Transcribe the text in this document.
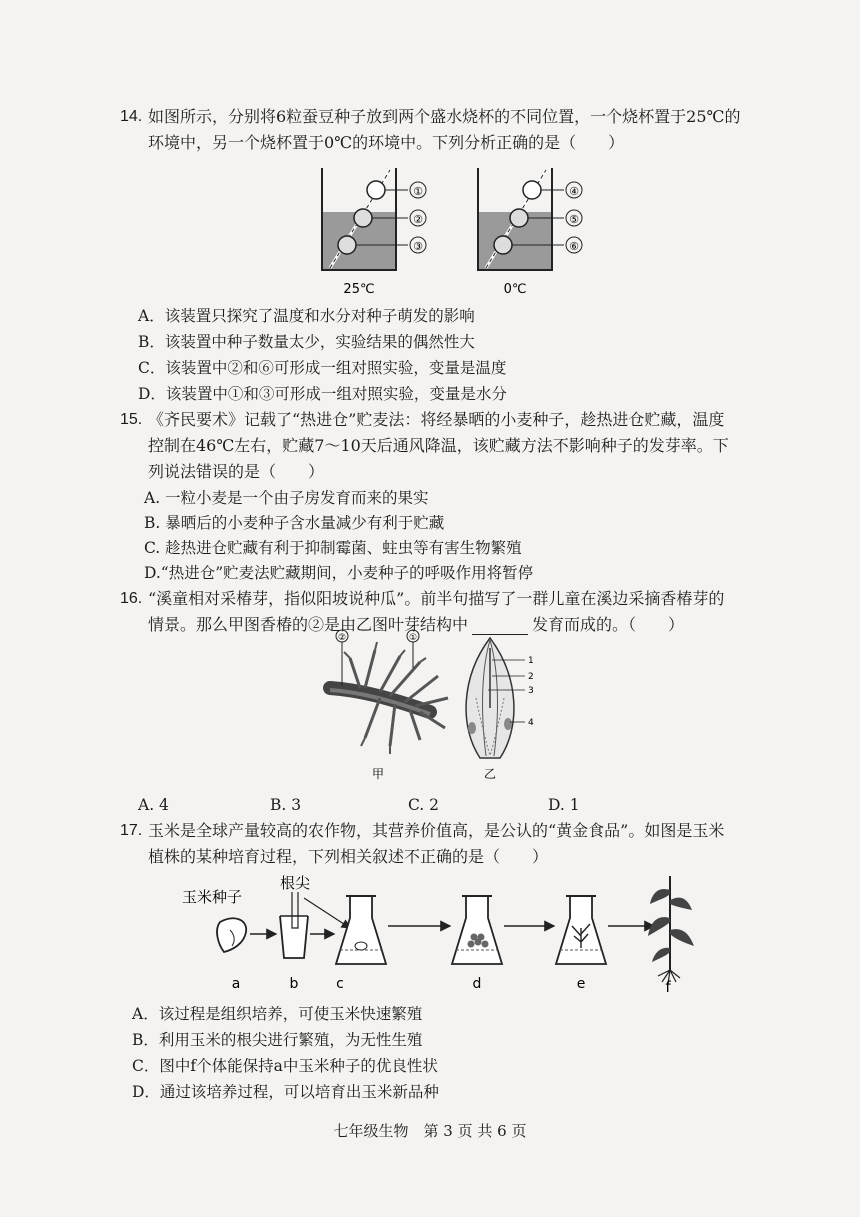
14. 如图所示，分别将6粒蚕豆种子放到两个盛水烧杯的不同位置，一个烧杯置于25℃的
环境中，另一个烧杯置于0℃的环境中。下列分析正确的是（　　）
①
②
③
④
⑤
⑥
25℃	0℃
A．该装置只探究了温度和水分对种子萌发的影响
B．该装置中种子数量太少，实验结果的偶然性大
C．该装置中②和⑥可形成一组对照实验，变量是温度
D．该装置中①和③可形成一组对照实验，变量是水分
15. 《齐民要术》记载了“热进仓”贮麦法：将经暴晒的小麦种子，趁热进仓贮藏，温度
控制在46℃左右，贮藏7～10天后通风降温，该贮藏方法不影响种子的发芽率。下
列说法错误的是（　　）
A. 一粒小麦是一个由子房发育而来的果实
B. 暴晒后的小麦种子含水量减少有利于贮藏
C. 趁热进仓贮藏有利于抑制霉菌、蛀虫等有害生物繁殖
D.“热进仓”贮麦法贮藏期间，小麦种子的呼吸作用将暂停
16. “溪童相对采椿芽，指似阳坡说种瓜”。前半句描写了一群儿童在溪边采摘香椿芽的
情景。那么甲图香椿的②是由乙图叶芽结构中	发育而成的。（　　）
②	①
1
2
3
4
甲	乙
A. 4	B. 3	C. 2	D. 1
17. 玉米是全球产量较高的农作物，其营养价值高，是公认的“黄金食品”。如图是玉米
植株的某种培育过程，下列相关叙述不正确的是（　　）
玉米种子
根尖
a	b	c	d	e	f
A．该过程是组织培养，可使玉米快速繁殖
B．利用玉米的根尖进行繁殖，为无性生殖
C．图中f个体能保持a中玉米种子的优良性状
D．通过该培养过程，可以培育出玉米新品种
七年级生物　第 3 页 共 6 页
